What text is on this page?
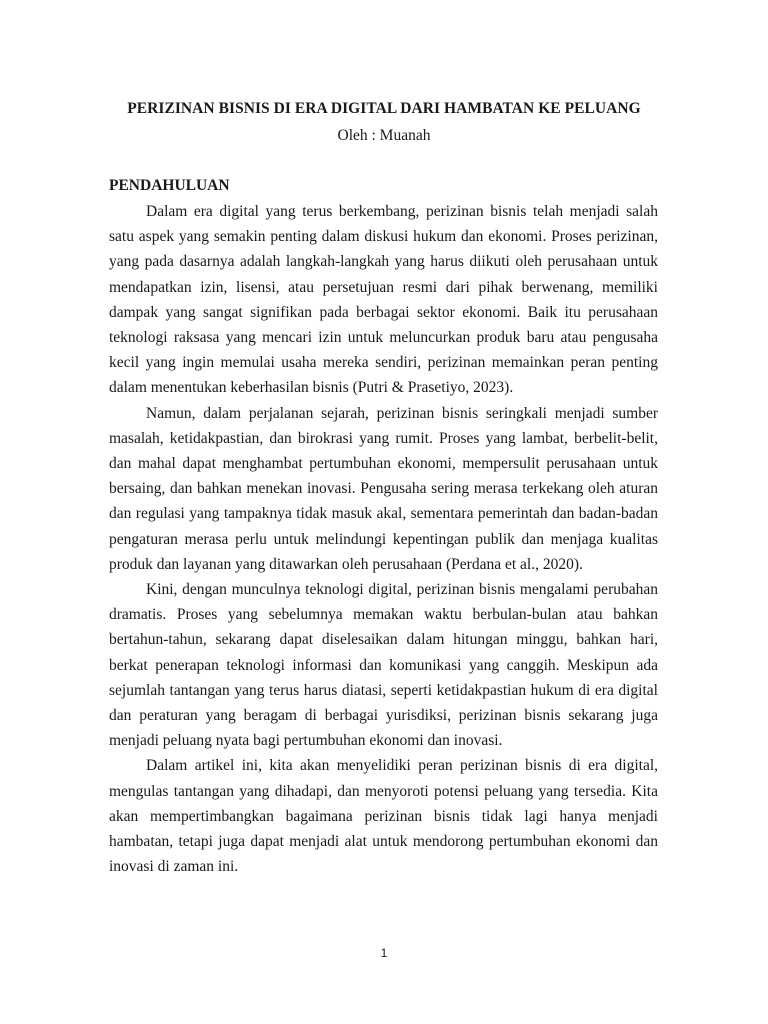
PERIZINAN BISNIS DI ERA DIGITAL DARI HAMBATAN KE PELUANG
Oleh : Muanah
PENDAHULUAN

Dalam era digital yang terus berkembang, perizinan bisnis telah menjadi salah satu aspek yang semakin penting dalam diskusi hukum dan ekonomi. Proses perizinan, yang pada dasarnya adalah langkah-langkah yang harus diikuti oleh perusahaan untuk mendapatkan izin, lisensi, atau persetujuan resmi dari pihak berwenang, memiliki dampak yang sangat signifikan pada berbagai sektor ekonomi. Baik itu perusahaan teknologi raksasa yang mencari izin untuk meluncurkan produk baru atau pengusaha kecil yang ingin memulai usaha mereka sendiri, perizinan memainkan peran penting dalam menentukan keberhasilan bisnis (Putri & Prasetiyo, 2023).

Namun, dalam perjalanan sejarah, perizinan bisnis seringkali menjadi sumber masalah, ketidakpastian, dan birokrasi yang rumit. Proses yang lambat, berbelit-belit, dan mahal dapat menghambat pertumbuhan ekonomi, mempersulit perusahaan untuk bersaing, dan bahkan menekan inovasi. Pengusaha sering merasa terkekang oleh aturan dan regulasi yang tampaknya tidak masuk akal, sementara pemerintah dan badan-badan pengaturan merasa perlu untuk melindungi kepentingan publik dan menjaga kualitas produk dan layanan yang ditawarkan oleh perusahaan (Perdana et al., 2020).

Kini, dengan munculnya teknologi digital, perizinan bisnis mengalami perubahan dramatis. Proses yang sebelumnya memakan waktu berbulan-bulan atau bahkan bertahun-tahun, sekarang dapat diselesaikan dalam hitungan minggu, bahkan hari, berkat penerapan teknologi informasi dan komunikasi yang canggih. Meskipun ada sejumlah tantangan yang terus harus diatasi, seperti ketidakpastian hukum di era digital dan peraturan yang beragam di berbagai yurisdiksi, perizinan bisnis sekarang juga menjadi peluang nyata bagi pertumbuhan ekonomi dan inovasi.

Dalam artikel ini, kita akan menyelidiki peran perizinan bisnis di era digital, mengulas tantangan yang dihadapi, dan menyoroti potensi peluang yang tersedia. Kita akan mempertimbangkan bagaimana perizinan bisnis tidak lagi hanya menjadi hambatan, tetapi juga dapat menjadi alat untuk mendorong pertumbuhan ekonomi dan inovasi di zaman ini.

1
